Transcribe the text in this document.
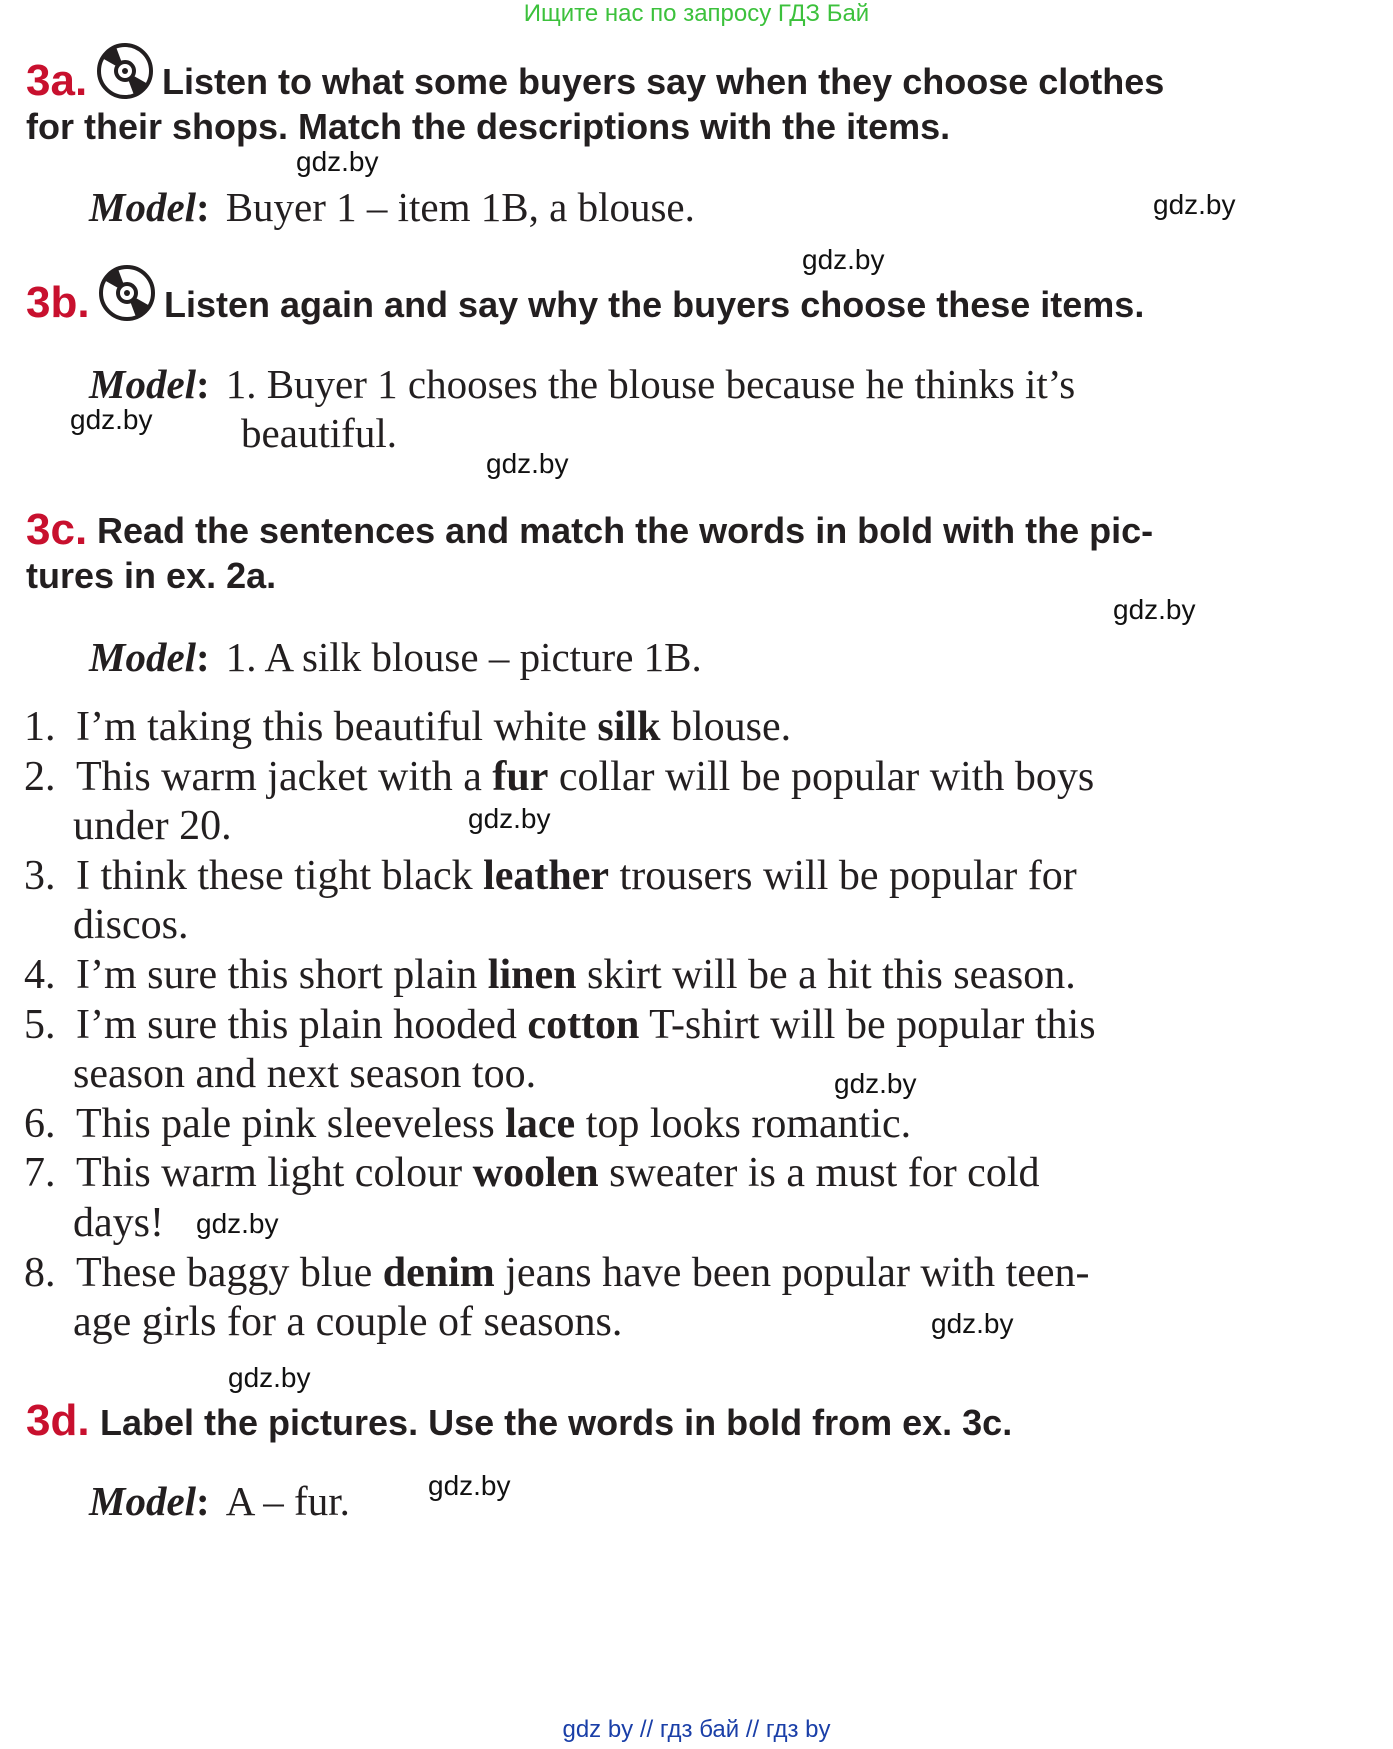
Ищите нас по запросу ГДЗ Бай
3a. Listen to what some buyers say when they choose clothes
for their shops. Match the descriptions with the items.
gdz.by
Model: Buyer 1 – item 1B, a blouse.	gdz.by
gdz.by
3b. Listen again and say why the buyers choose these items.
Model: 1. Buyer 1 chooses the blouse because he thinks it’s
beautiful.
gdz.by
gdz.by
3c. Read the sentences and match the words in bold with the pic-
tures in ex. 2a.
gdz.by
Model: 1. A silk blouse – picture 1B.
1. I’m taking this beautiful white silk blouse.
2. This warm jacket with a fur collar will be popular with boys
under 20.	gdz.by
3. I think these tight black leather trousers will be popular for
discos.
4. I’m sure this short plain linen skirt will be a hit this season.
5. I’m sure this plain hooded cotton T-shirt will be popular this
season and next season too.	gdz.by
6. This pale pink sleeveless lace top looks romantic.
7. This warm light colour woolen sweater is a must for cold
days! gdz.by
8. These baggy blue denim jeans have been popular with teen-
age girls for a couple of seasons.	gdz.by
gdz.by
3d. Label the pictures. Use the words in bold from ex. 3c.
Model: A – fur.	gdz.by
gdz by // гдз бай // гдз by
